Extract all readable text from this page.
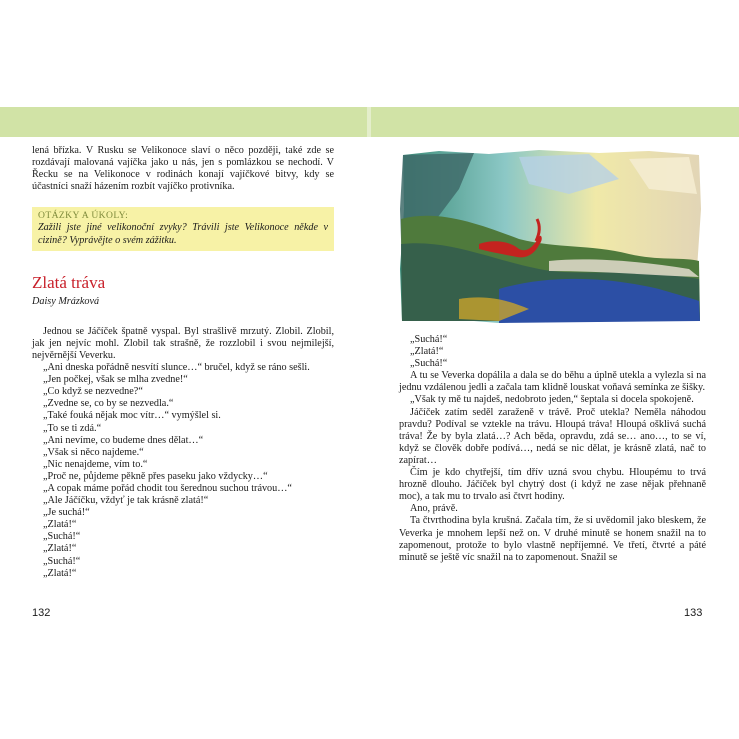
lená břízka. V Rusku se Velikonoce slaví o něco později, také zde se rozdávají malovaná vajíčka jako u nás, jen s pomlázkou se nechodí. V Řecku se na Velikonoce v rodinách konají vajíčkové bitvy, kdy se účastníci snaží házením rozbít vajíčko protivníka.

OTÁZKY A ÚKOLY:
Zažili jste jiné velikonoční zvyky? Trávili jste Velikonoce někde v cizině? Vyprávějte o svém zážitku.
Zlatá tráva
Daisy Mrázková

Jednou se Jáčíček špatně vyspal. Byl strašlivě mrzutý. Zlobil. Zlobil, jak jen nejvíc mohl. Zlobil tak strašně, že rozzlobil i svou nejmilejší, nejvěrnější Veverku.

„Ani dneska pořádně nesvítí slunce…“ bručel, když se ráno sešli.

„Jen počkej, však se mlha zvedne!“

„Co když se nezvedne?“

„Zvedne se, co by se nezvedla.“

„Také fouká nějak moc vítr…“ vymýšlel si.

„To se ti zdá.“

„Ani nevíme, co budeme dnes dělat…“

„Však si něco najdeme.“

„Nic nenajdeme, vím to.“

„Proč ne, půjdeme pěkně přes paseku jako vždycky…“

„A copak máme pořád chodit tou šerednou suchou trávou…“

„Ale Jáčíčku, vždyť je tak krásně zlatá!“

„Je suchá!“

„Zlatá!“

„Suchá!“

„Zlatá!“

„Suchá!“

„Zlatá!“

132

„Suchá!“

„Zlatá!“

„Suchá!“

A tu se Veverka dopálila a dala se do běhu a úplně utekla a vylezla si na jednu vzdálenou jedli a začala tam klidně louskat voňavá semínka ze šišky.

„Však ty mě tu najdeš, nedobroto jeden,“ šeptala si docela spokojeně.

Jáčíček zatím seděl zaraženě v trávě. Proč utekla? Neměla náhodou pravdu? Podíval se vztekle na trávu. Hloupá tráva! Hloupá ošklivá suchá tráva! Že by byla zlatá…? Ach běda, opravdu, zdá se… ano…, to se ví, když se člověk dobře podívá…, nedá se nic dělat, je krásně zlatá, nač to zapírat…

Čím je kdo chytřejší, tím dřív uzná svou chybu. Hloupému to trvá hrozně dlouho. Jáčíček byl chytrý dost (i když ne zase nějak přehnaně moc), a tak mu to trvalo asi čtvrt hodiny.

Ano, právě.

Ta čtvrthodina byla krušná. Začala tím, že si uvědomil jako bleskem, že Veverka je mnohem lepší než on. V druhé minutě se honem snažil na to zapomenout, protože to bylo vlastně nepříjemné. Ve třetí, čtvrté a páté minutě se ještě víc snažil na to zapomenout. Snažil se

133
